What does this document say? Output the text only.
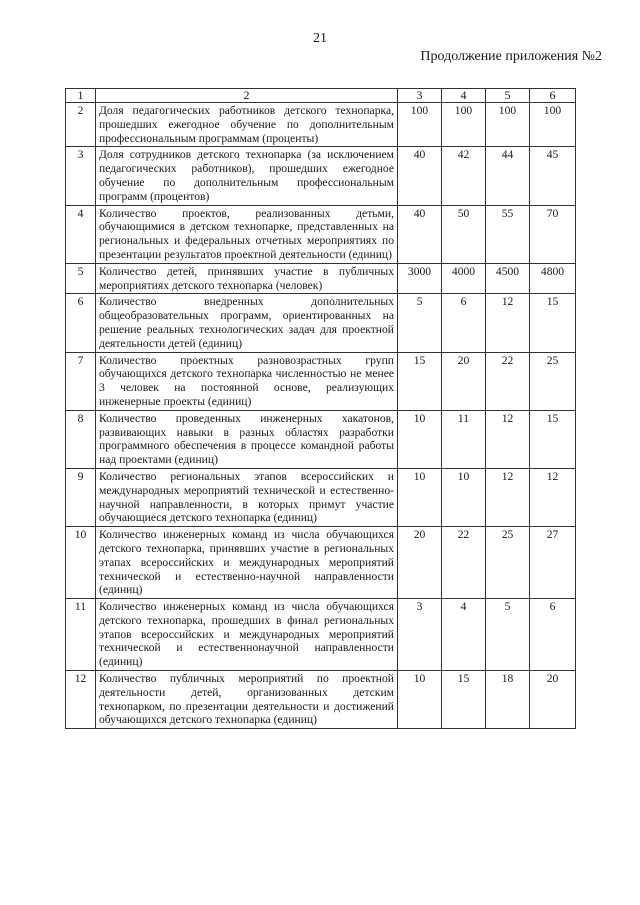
21
Продолжение приложения №2
1	2	3	4	5	6
2	Доля педагогических работников детского технопарка, прошедших ежегодное обучение по дополнительным профессиональным программам (проценты)	100	100	100	100
3	Доля сотрудников детского технопарка (за исключением педагогических работников), прошедших ежегодное обучение по дополнительным профессиональным программ (процентов)	40	42	44	45
4	Количество проектов, реализованных детьми, обучающимися в детском технопарке, представленных на региональных и федеральных отчетных мероприятиях по презентации результатов проектной деятельности (единиц)	40	50	55	70
5	Количество детей, принявших участие в публичных мероприятиях детского технопарка (человек)	3000	4000	4500	4800
6	Количество внедренных дополнительных общеобразовательных программ, ориентированных на решение реальных технологических задач для проектной деятельности детей (единиц)	5	6	12	15
7	Количество проектных разновозрастных групп обучающихся детского технопарка численностью не менее 3 человек на постоянной основе, реализующих инженерные проекты (единиц)	15	20	22	25
8	Количество проведенных инженерных хакатонов, развивающих навыки в разных областях разработки программного обеспечения в процессе командной работы над проектами (единиц)	10	11	12	15
9	Количество региональных этапов всероссийских и международных мероприятий технической и естественно-научной направленности, в которых примут участие обучающиеся детского технопарка (единиц)	10	10	12	12
10	Количество инженерных команд из числа обучающихся детского технопарка, принявших участие в региональных этапах всероссийских и международных мероприятий технической и естественно-научной направленности (единиц)	20	22	25	27
11	Количество инженерных команд из числа обучающихся детского технопарка, прошедших в финал региональных этапов всероссийских и международных мероприятий технической и естественнонаучной направленности (единиц)	3	4	5	6
12	Количество публичных мероприятий по проектной деятельности детей, организованных детским технопарком, по презентации деятельности и достижений обучающихся детского технопарка (единиц)	10	15	18	20
